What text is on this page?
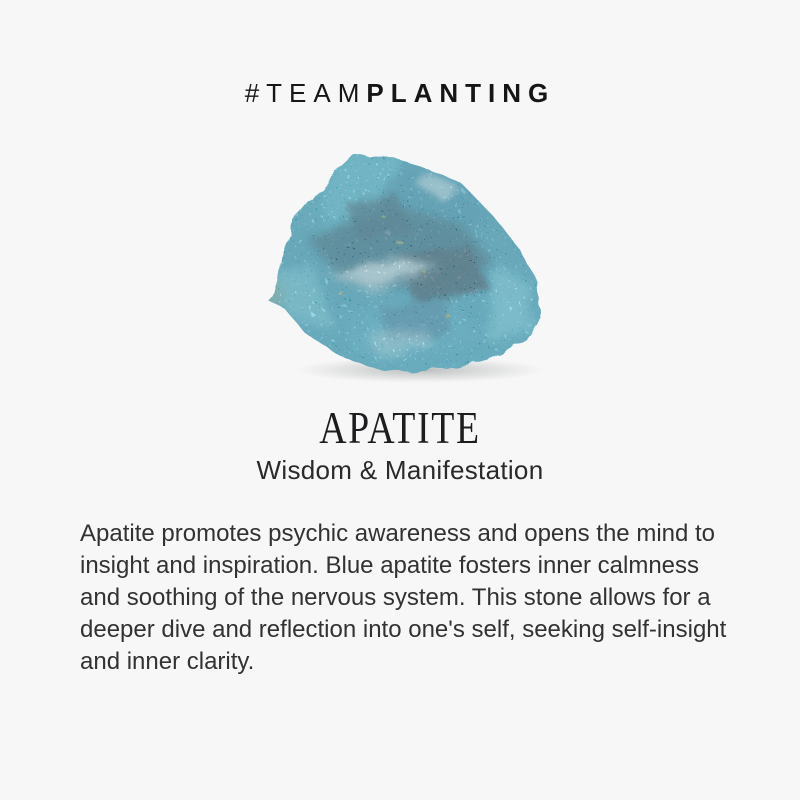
#TEAMPLANTING
APATITE
Wisdom & Manifestation
Apatite promotes psychic awareness and opens the mind to
insight and inspiration. Blue apatite fosters inner calmness
and soothing of the nervous system. This stone allows for a
deeper dive and reflection into one's self, seeking self-insight
and inner clarity.
